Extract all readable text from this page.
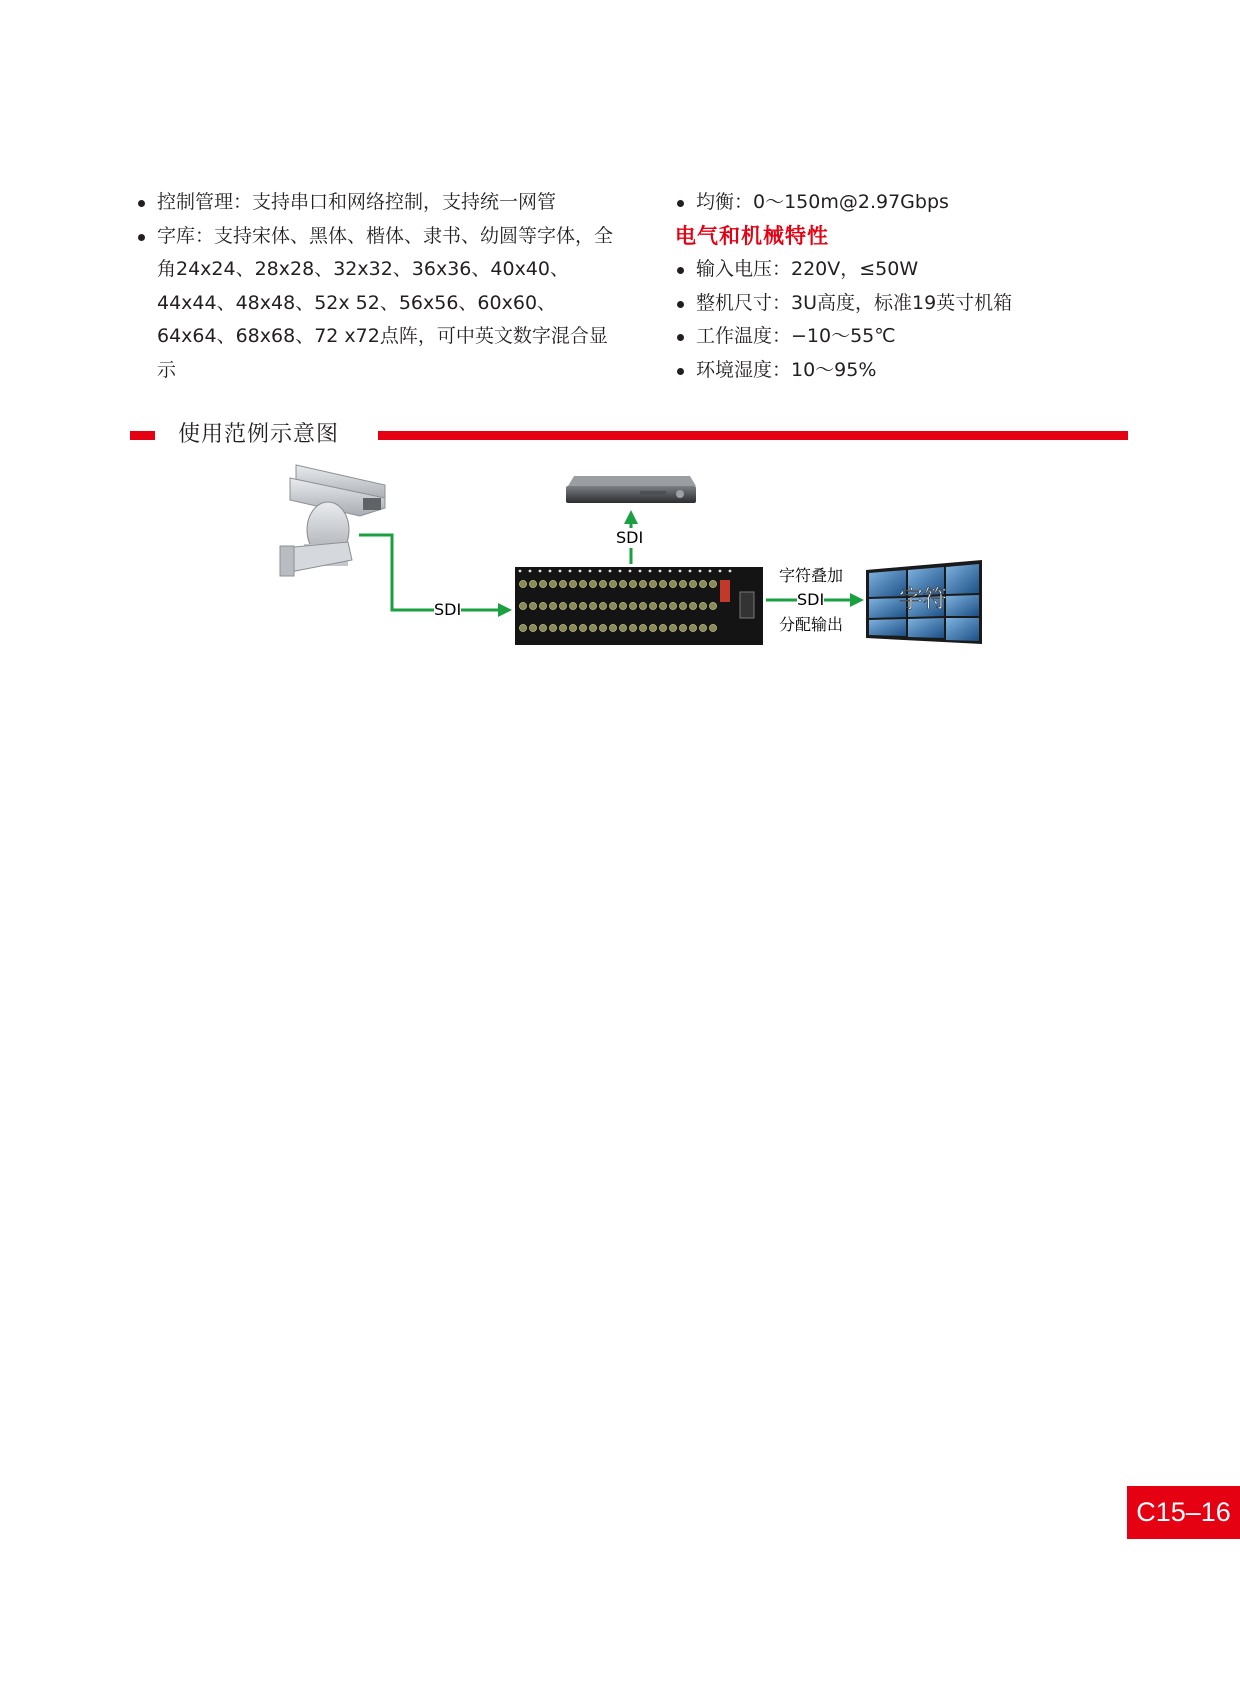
控制管理：支持串口和网络控制，支持统一网管
字库：支持宋体、黑体、楷体、隶书、幼圆等字体，全角24x24、28x28、32x32、36x36、40x40、44x44、48x48、52x 52、56x56、60x60、64x64、68x68、72 x72点阵，可中英文数字混合显示
均衡：0～150m@2.97Gbps
电气和机械特性
输入电压：220V，≤50W
整机尺寸：3U高度，标准19英寸机箱
工作温度：−10～55℃
环境湿度：10～95%
使用范例示意图
字符
SDI
SDI
字符叠加
SDI
分配输出
C15–16
